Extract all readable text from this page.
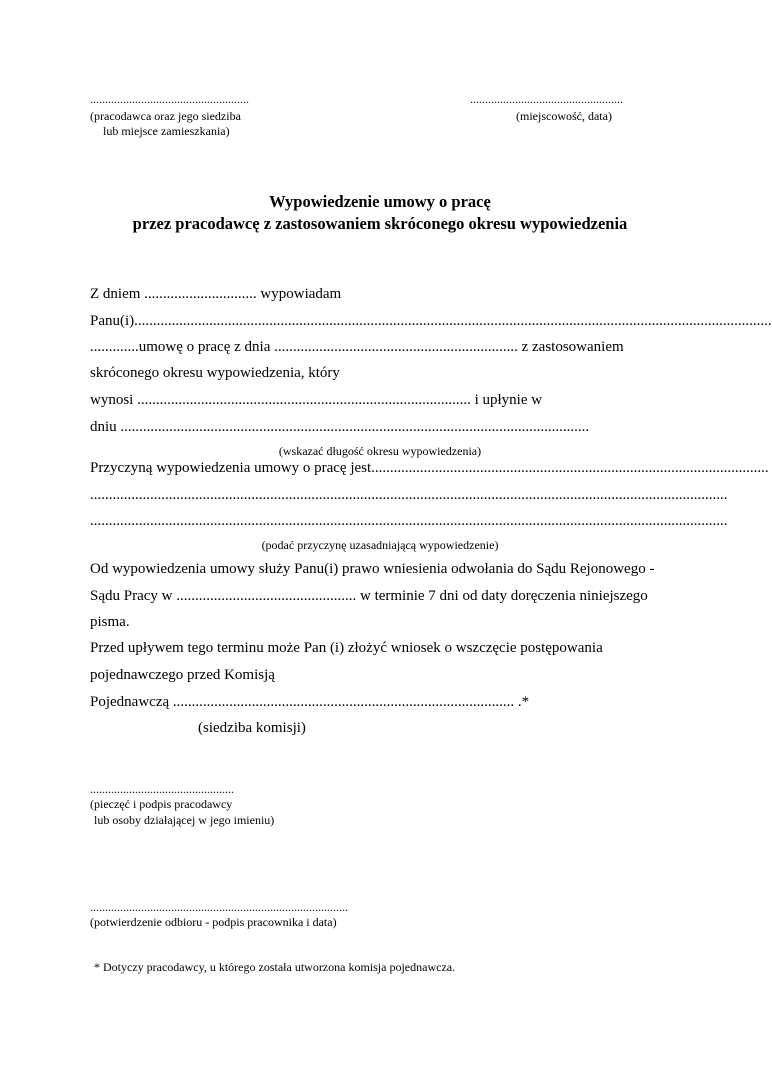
.....................................................
(pracodawca oraz jego siedziba
lub miejsce zamieszkania)
...................................................
(miejscowość, data)
Wypowiedzenie umowy o pracę
przez pracodawcę z zastosowaniem skróconego okresu wypowiedzenia
Z dniem .............................. wypowiadam
Panu(i) ..........................................................................................................................................................................
.............umowę o pracę z dnia ................................................................. z zastosowaniem
skróconego okresu wypowiedzenia, który
wynosi ......................................................................................... i upłynie w
dniu .............................................................................................................................
(wskazać długość okresu wypowiedzenia)
Przyczyną wypowiedzenia umowy o pracę jest ..........................................................................................................
..........................................................................................................................................................................
..........................................................................................................................................................................
(podać przyczynę uzasadniającą wypowiedzenie)
Od wypowiedzenia umowy służy Panu(i) prawo wniesienia odwołania do Sądu Rejonowego -
Sądu Pracy w ................................................ w terminie 7 dni od daty doręczenia niniejszego
pisma.
Przed upływem tego terminu może Pan (i) złożyć wniosek o wszczęcie postępowania
pojednawczego przed Komisją
Pojednawczą ........................................................................................... .*
(siedziba komisji)
................................................
(pieczęć i podpis pracodawcy
lub osoby działającej w jego imieniu)
......................................................................................
(potwierdzenie odbioru - podpis pracownika i data)
* Dotyczy pracodawcy, u którego została utworzona komisja pojednawcza.
